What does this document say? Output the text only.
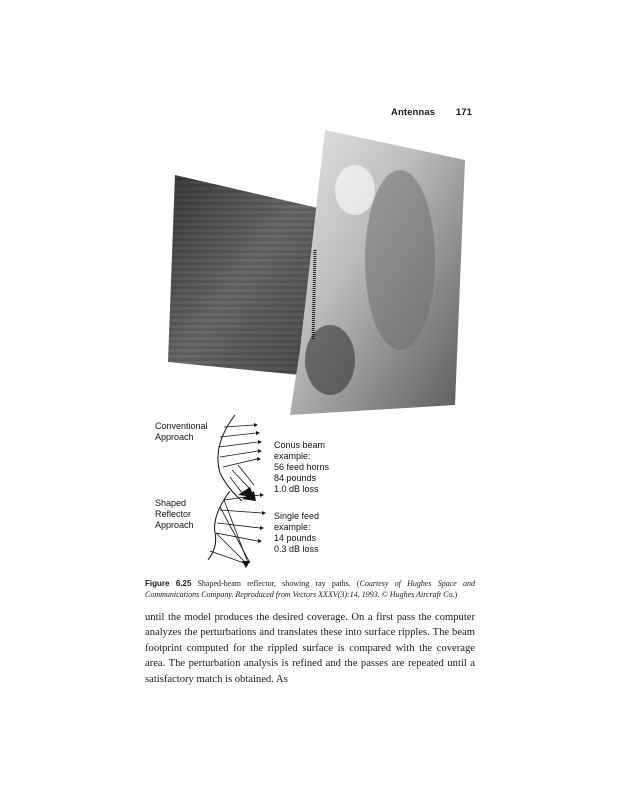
Antennas 171
Conventional
Approach
Conus beam
example:
56 feed horns
84 pounds
1.0 dB loss
Shaped
Reflector
Approach
Single feed
example:
14 pounds
0.3 dB loss
Figure 6.25 Shaped-beam reflector, showing ray paths. (Courtesy of Hughes Space and Communications Company. Reproduced from Vectors XXXV(3):14, 1993. © Hughes Aircraft Co.)

until the model produces the desired coverage. On a first pass the computer analyzes the perturbations and translates these into surface ripples. The beam footprint computed for the rippled surface is compared with the coverage area. The perturbation analysis is refined and the passes are repeated until a satisfactory match is obtained. As
